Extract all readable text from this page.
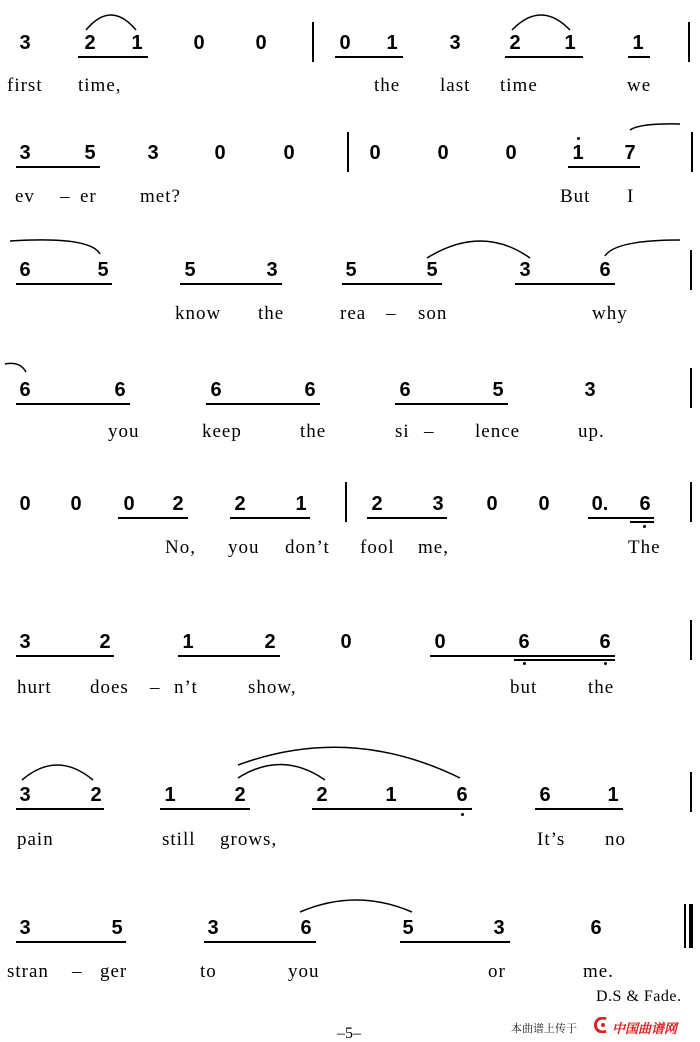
3	2 1	0	0	0 1	3 2 1	1
first time,	the last time	we
3	5	3	0	0	0	0	0	1 7
ev – er met?	But I
6	5	5	3	5	5	3	6
know the	rea – son	why
6	6	6	6	6	5	3
you	keep	the	si – lence	up.
0 0 0 2	2 1	2 3 0 0 0. 6
No, you don’t fool me,	The
3	2	1	2	0	0	6	6
hurt does – n’t	show,	but	the
3	2	1	2	2	1	6	6	1
pain	still grows,	It’s no
3	5	3	6	5	3	6
stran – ger	to	you	or	me.
D.S & Fade.
–5–	本曲谱上传于	中国曲谱网
